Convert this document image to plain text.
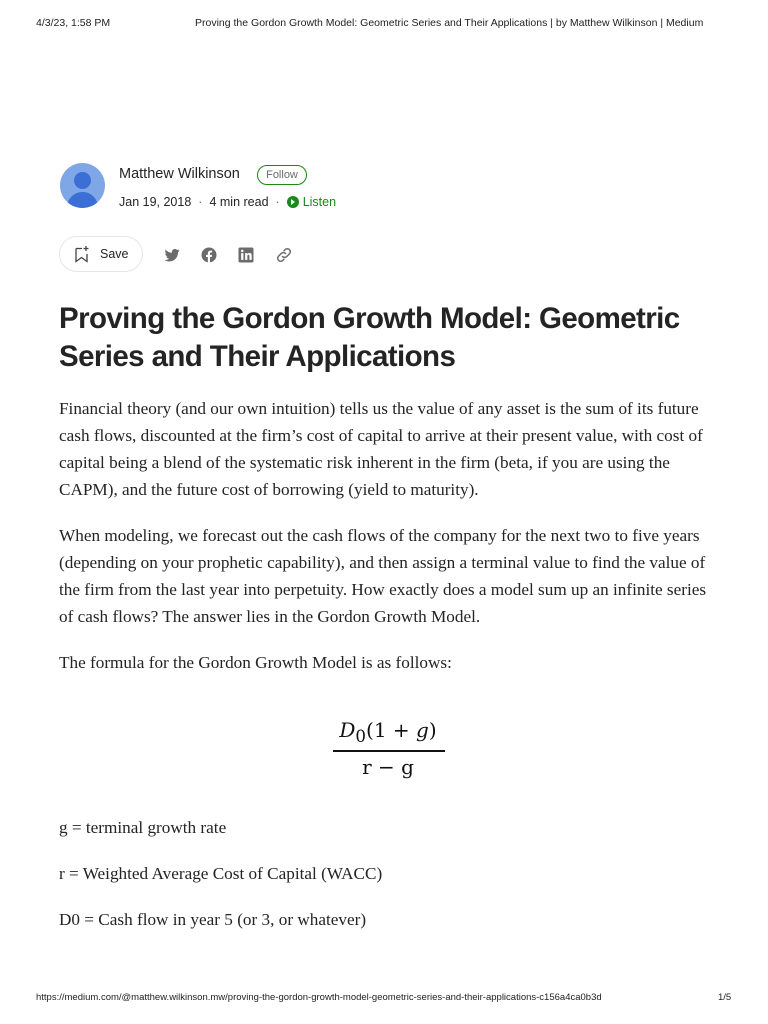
4/3/23, 1:58 PM	Proving the Gordon Growth Model: Geometric Series and Their Applications | by Matthew Wilkinson | Medium
Matthew Wilkinson	Follow
Jan 19, 2018 · 4 min read · Listen
Save
Proving the Gordon Growth Model: Geometric Series and Their Applications

Financial theory (and our own intuition) tells us the value of any asset is the sum of its future cash flows, discounted at the firm’s cost of capital to arrive at their present value, with cost of capital being a blend of the systematic risk inherent in the firm (beta, if you are using the CAPM), and the future cost of borrowing (yield to maturity).

When modeling, we forecast out the cash flows of the company for the next two to five years (depending on your prophetic capability), and then assign a terminal value to find the value of the firm from the last year into perpetuity. How exactly does a model sum up an infinite series of cash flows? The answer lies in the Gordon Growth Model.

The formula for the Gordon Growth Model is as follows:

$D_0(1 + g)$
r − g

g = terminal growth rate

r = Weighted Average Cost of Capital (WACC)

D0 = Cash flow in year 5 (or 3, or whatever)

https://medium.com/@matthew.wilkinson.mw/proving-the-gordon-growth-model-geometric-series-and-their-applications-c156a4ca0b3d	1/5
